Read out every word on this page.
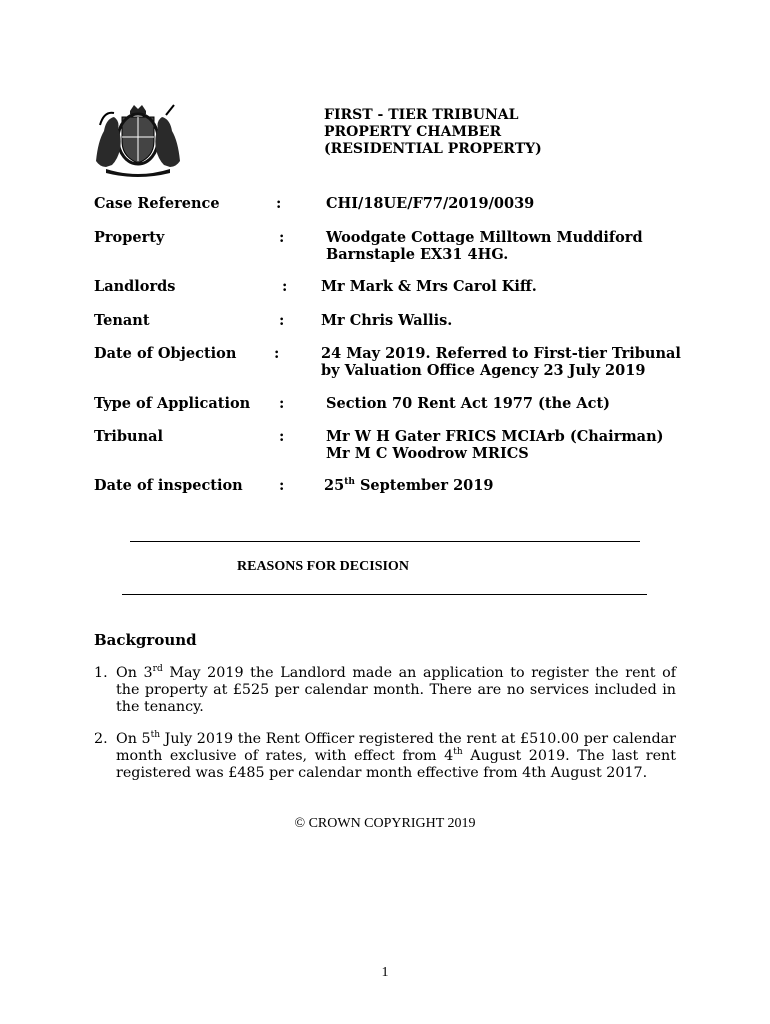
FIRST - TIER TRIBUNAL
PROPERTY CHAMBER
(RESIDENTIAL PROPERTY)
Case Reference	:	CHI/18UE/F77/2019/0039
Property	:	Woodgate Cottage Milltown Muddiford
Barnstaple EX31 4HG.
Landlords	: Mr Mark & Mrs Carol Kiff.
Tenant	:	Mr Chris Wallis.
Date of Objection	:	24 May 2019. Referred to First-tier Tribunal
by Valuation Office Agency 23 July 2019
Type of Application :	Section 70 Rent Act 1977 (the Act)
Tribunal	:	Mr W H Gater FRICS MCIArb (Chairman)
Mr M C Woodrow MRICS
Date of inspection	:	25th September 2019
REASONS FOR DECISION
Background
1. On 3rd May 2019 the Landlord made an application to register the rent of the property at £525 per calendar month. There are no services included in the tenancy.
2. On 5th July 2019 the Rent Officer registered the rent at £510.00 per calendar month exclusive of rates, with effect from 4th August 2019. The last rent registered was £485 per calendar month effective from 4th August 2017.
© CROWN COPYRIGHT 2019
1
